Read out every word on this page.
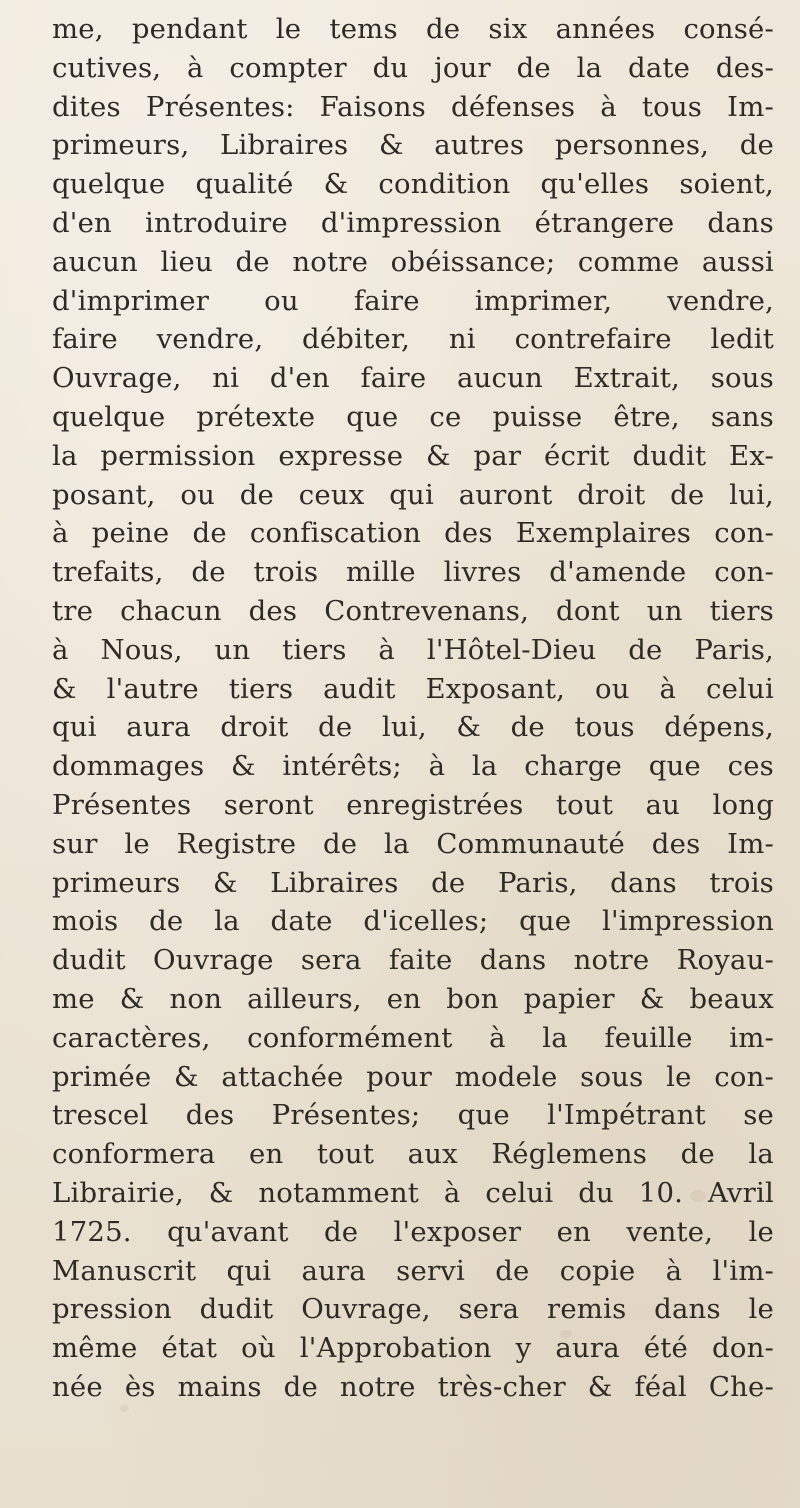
me, pendant le tems de six années consé-
cutives, à compter du jour de la date des-
dites Présentes: Faisons défenses à tous Im-
primeurs, Libraires & autres personnes, de
quelque qualité & condition qu'elles soient,
d'en introduire d'impression étrangere dans
aucun lieu de notre obéissance; comme aussi
d'imprimer ou faire imprimer, vendre,
faire vendre, débiter, ni contrefaire ledit
Ouvrage, ni d'en faire aucun Extrait, sous
quelque prétexte que ce puisse être, sans
la permission expresse & par écrit dudit Ex-
posant, ou de ceux qui auront droit de lui,
à peine de confiscation des Exemplaires con-
trefaits, de trois mille livres d'amende con-
tre chacun des Contrevenans, dont un tiers
à Nous, un tiers à l'Hôtel-Dieu de Paris,
& l'autre tiers audit Exposant, ou à celui
qui aura droit de lui, & de tous dépens,
dommages & intérêts; à la charge que ces
Présentes seront enregistrées tout au long
sur le Registre de la Communauté des Im-
primeurs & Libraires de Paris, dans trois
mois de la date d'icelles; que l'impression
dudit Ouvrage sera faite dans notre Royau-
me & non ailleurs, en bon papier & beaux
caractères, conformément à la feuille im-
primée & attachée pour modele sous le con-
trescel des Présentes; que l'Impétrant se
conformera en tout aux Réglemens de la
Librairie, & notamment à celui du 10. Avril
1725. qu'avant de l'exposer en vente, le
Manuscrit qui aura servi de copie à l'im-
pression dudit Ouvrage, sera remis dans le
même état où l'Approbation y aura été don-
née ès mains de notre très-cher & féal Che-
